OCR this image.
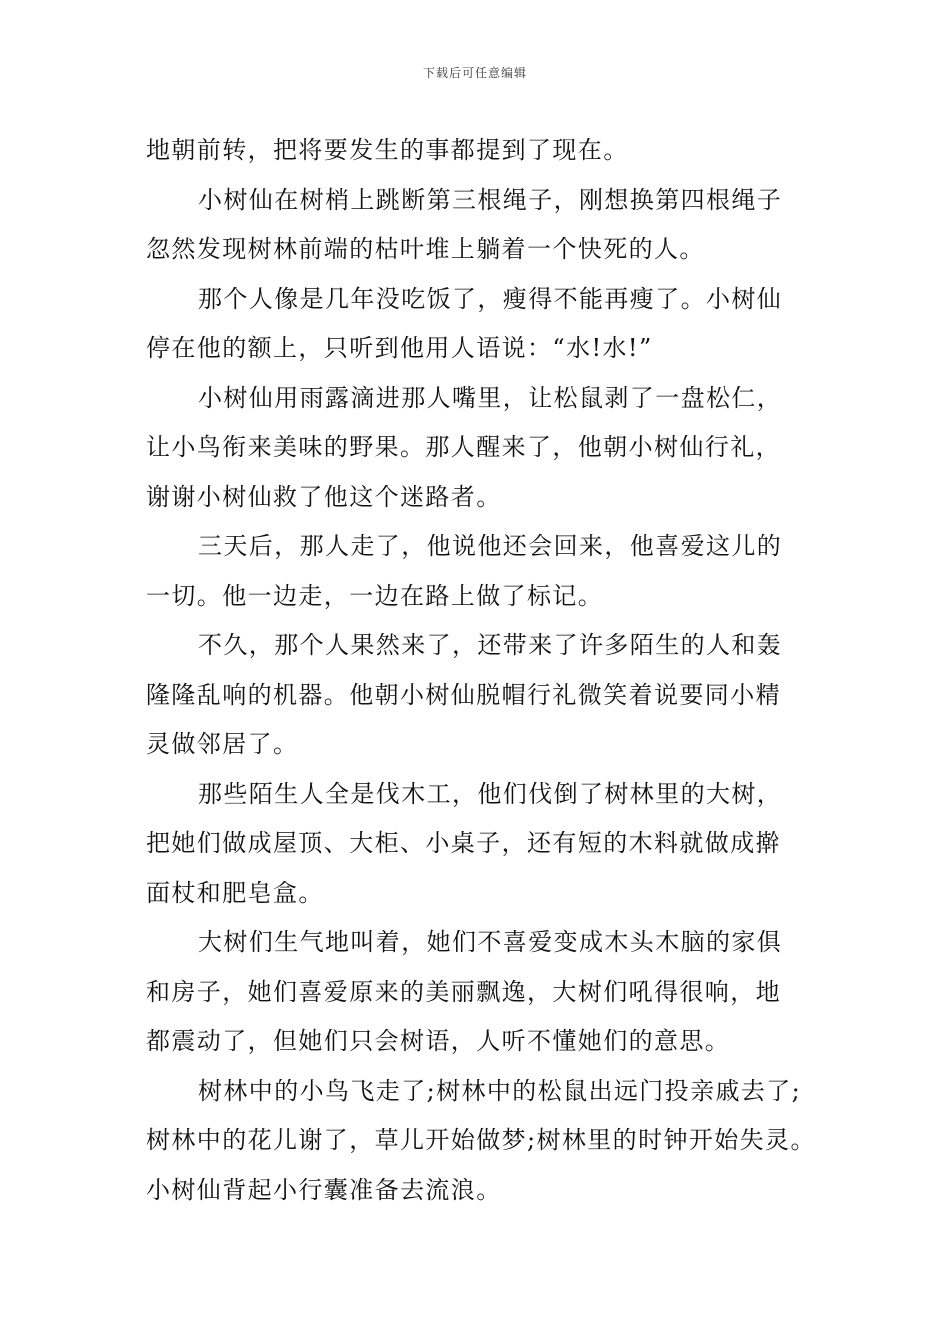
下载后可任意编辑

地朝前转，把将要发生的事都提到了现在。

小树仙在树梢上跳断第三根绳子，刚想换第四根绳子
忽然发现树林前端的枯叶堆上躺着一个快死的人。

那个人像是几年没吃饭了，瘦得不能再瘦了。小树仙
停在他的额上，只听到他用人语说：“水!水!”

小树仙用雨露滴进那人嘴里，让松鼠剥了一盘松仁，
让小鸟衔来美味的野果。那人醒来了，他朝小树仙行礼，
谢谢小树仙救了他这个迷路者。

三天后，那人走了，他说他还会回来，他喜爱这儿的
一切。他一边走，一边在路上做了标记。

不久，那个人果然来了，还带来了许多陌生的人和轰
隆隆乱响的机器。他朝小树仙脱帽行礼微笑着说要同小精
灵做邻居了。

那些陌生人全是伐木工，他们伐倒了树林里的大树，
把她们做成屋顶、大柜、小桌子，还有短的木料就做成擀
面杖和肥皂盒。

大树们生气地叫着，她们不喜爱变成木头木脑的家俱
和房子，她们喜爱原来的美丽飘逸，大树们吼得很响，地
都震动了，但她们只会树语，人听不懂她们的意思。

树林中的小鸟飞走了;树林中的松鼠出远门投亲戚去了;
树林中的花儿谢了，草儿开始做梦;树林里的时钟开始失灵。
小树仙背起小行囊准备去流浪。
